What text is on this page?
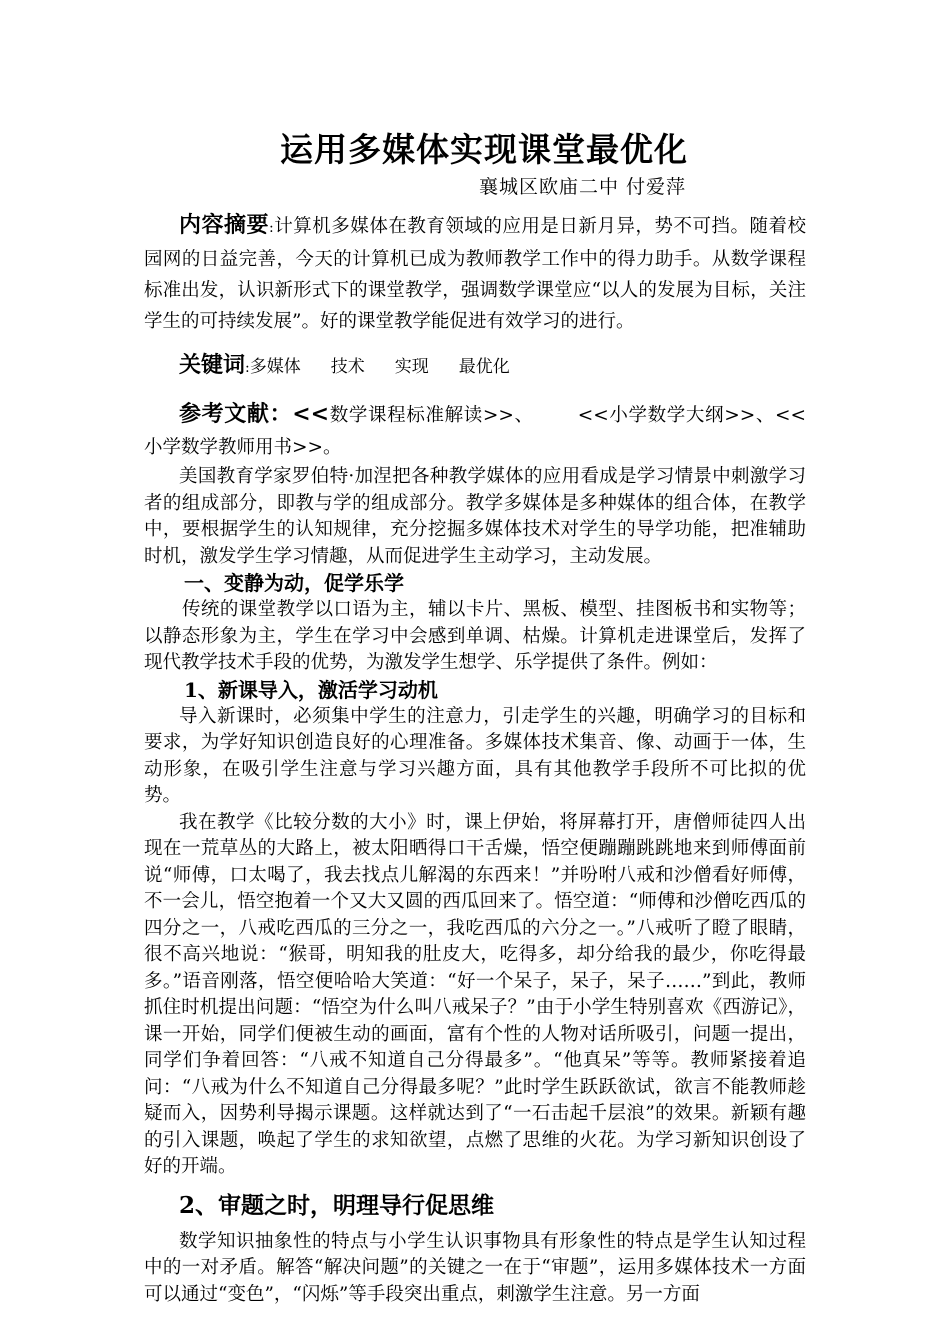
运用多媒体实现课堂最优化
襄城区欧庙二中 付爱萍

内容摘要:计算机多媒体在教育领域的应用是日新月异，势不可挡。随着校园网的日益完善，今天的计算机已成为教师教学工作中的得力助手。从数学课程标准出发，认识新形式下的课堂教学，强调数学课堂应“以人的发展为目标，关注学生的可持续发展”。好的课堂教学能促进有效学习的进行。

关键词:多媒体 技术 实现 最优化

参考文献：<<数学课程标准解读>>、 <<小学数学大纲>>、<<小学数学教师用书>>。

美国教育学家罗伯特·加涅把各种教学媒体的应用看成是学习情景中刺激学习者的组成部分，即教与学的组成部分。教学多媒体是多种媒体的组合体，在教学中，要根据学生的认知规律，充分挖掘多媒体技术对学生的导学功能，把准辅助时机，激发学生学习情趣，从而促进学生主动学习，主动发展。

一、变静为动，促学乐学

传统的课堂教学以口语为主，辅以卡片、黑板、模型、挂图板书和实物等；以静态形象为主，学生在学习中会感到单调、枯燥。计算机走进课堂后，发挥了现代教学技术手段的优势，为激发学生想学、乐学提供了条件。例如：

1、新课导入，激活学习动机

导入新课时，必须集中学生的注意力，引走学生的兴趣，明确学习的目标和要求，为学好知识创造良好的心理准备。多媒体技术集音、像、动画于一体，生动形象，在吸引学生注意与学习兴趣方面，具有其他教学手段所不可比拟的优势。

我在教学《比较分数的大小》时，课上伊始，将屏幕打开，唐僧师徒四人出现在一荒草丛的大路上，被太阳晒得口干舌燥，悟空便蹦蹦跳跳地来到师傅面前说“师傅，口太喝了，我去找点儿解渴的东西来！”并吩咐八戒和沙僧看好师傅，不一会儿，悟空抱着一个又大又圆的西瓜回来了。悟空道：“师傅和沙僧吃西瓜的四分之一，八戒吃西瓜的三分之一，我吃西瓜的六分之一。”八戒听了瞪了眼睛，很不高兴地说：“猴哥，明知我的肚皮大，吃得多，却分给我的最少，你吃得最多。”语音刚落，悟空便哈哈大笑道：“好一个呆子，呆子，呆子……”到此，教师抓住时机提出问题：“悟空为什么叫八戒呆子？”由于小学生特别喜欢《西游记》，课一开始，同学们便被生动的画面，富有个性的人物对话所吸引，问题一提出，同学们争着回答：“八戒不知道自己分得最多”。“他真呆”等等。教师紧接着追问：“八戒为什么不知道自己分得最多呢？”此时学生跃跃欲试，欲言不能教师趁疑而入，因势利导揭示课题。这样就达到了“一石击起千层浪”的效果。新颖有趣的引入课题，唤起了学生的求知欲望，点燃了思维的火花。为学习新知识创设了好的开端。

2、审题之时，明理导行促思维

数学知识抽象性的特点与小学生认识事物具有形象性的特点是学生认知过程中的一对矛盾。解答“解决问题”的关键之一在于“审题”，运用多媒体技术一方面可以通过“变色”，“闪烁”等手段突出重点，刺激学生注意。另一方面
